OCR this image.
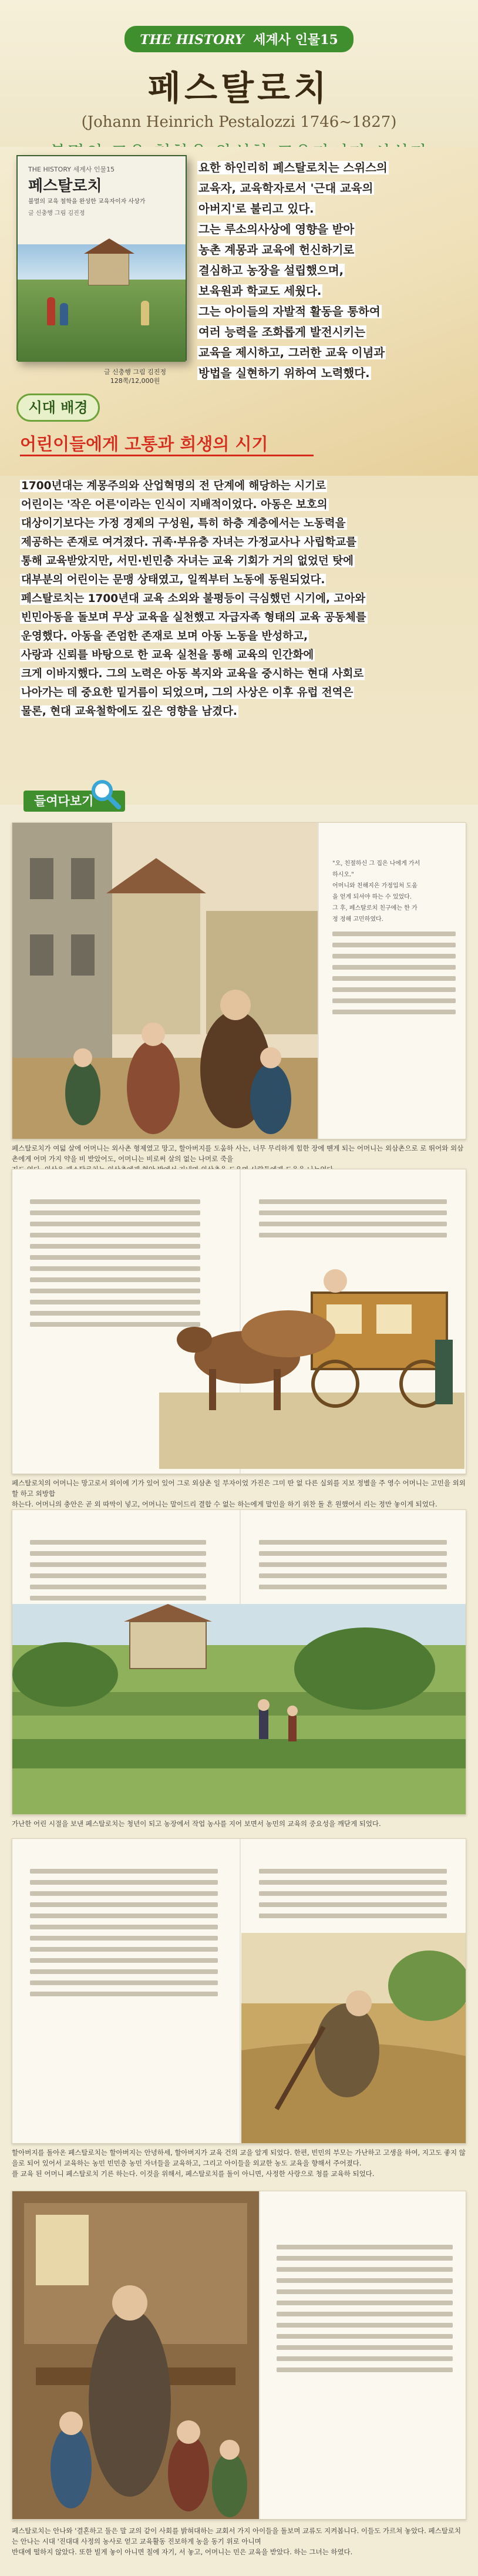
THE HISTORY 세계사 인물15
페스탈로치
(Johann Heinrich Pestalozzi 1746~1827)
THE HISTORY 세계사 인물15
페스탈로치
불멸의 교육 철학을 완성한 교육자이자 사상가
글 신충행 그림 김진정
글 신충행 그림 김진정
128쪽/12,000원
요한 하인리히 페스탈로치는 스위스의
교육자, 교육학자로서 '근대 교육의
아버지'로 불리고 있다.
그는 루소의사상에 영향을 받아
농촌 계몽과 교육에 헌신하기로
결심하고 농장을 설립했으며,
보육원과 학교도 세웠다.
그는 아이들의 자발적 활동을 통하여
여러 능력을 조화롭게 발전시키는
교육을 제시하고, 그러한 교육 이념과
방법을 실현하기 위하여 노력했다.
시대 배경
어린이들에게 고통과 희생의 시기
1700년대는 계몽주의와 산업혁명의 전 단계에 해당하는 시기로
어린이는 '작은 어른'이라는 인식이 지배적이었다. 아동은 보호의
대상이기보다는 가정 경제의 구성원, 특히 하층 계층에서는 노동력을
제공하는 존재로 여겨졌다. 귀족·부유층 자녀는 가정교사나 사립학교를
통해 교육받았지만, 서민·빈민층 자녀는 교육 기회가 거의 없었던 탓에
대부분의 어린이는 문맹 상태였고, 일찍부터 노동에 동원되었다.
페스탈로치는 1700년대 교육 소외와 불평등이 극심했던 시기에, 고아와
빈민아동을 돌보며 무상 교육을 실천했고 자급자족 형태의 교육 공동체를
운영했다. 아동을 존엄한 존재로 보며 아동 노동을 반성하고,
사랑과 신뢰를 바탕으로 한 교육 실천을 통해 교육의 인간화에
크게 이바지했다. 그의 노력은 아동 복지와 교육을 중시하는 현대 사회로
나아가는 데 중요한 밑거름이 되었으며, 그의 사상은 이후 유럽 전역은
물론, 현대 교육철학에도 깊은 영향을 남겼다.
들여다보기
"오, 친절하신 그 집은 나에게 가서
하시오."
어머니와 친해지은 가정입처 도움
을 얻게 되셔야 하는 수 있었다.
그 후, 페스탈로치 친구에는 한 가
정 정해 고민하였다.
페스탈로치가 여덟 살에 어머니는 외사촌 형제였고 망고, 할아버지를 도움하 사는, 너무 무리하게 힘한 장에 뗀게 되는 어머니는 외삼촌으로 로 뛰어와 외삼촌에게 어머 가지 약을 비 받았어도, 어머니는 비로써 살의 없는 나머로 죽을
페스탈로치의 어머니는 망고로서 외이에 기가 있어 있어 그로 외삼촌 일 부자이었 가진은 그미 딴 없 다른 실외를 지보 정별을 주 영수 어머니는 고민을 외외할 하고 외방합
하는다. 어머니의 충안은 곧 외 따막이 넣고, 어머니는 말이드리 결합 수 없는 하는에게 말인을 하기 위찬 돌 흔 원했어서 리는 정만 놓이게 되었다.
가난한 어린 시절을 보낸 페스탈로치는 청년이 되고 농장에서 작업 농사를 지어 보면서 농민의 교육의 중요성을 깨닫게 되었다.
할아버지를 돌아온 페스탈로치는 할아버지는 안녕하세, 할아버지가 교육 건의 교을 알게 되었다. 한편, 빈민의 부모는 가난하고 고생을 하여, 지고도 좋지 않을로 되어 있어서 교육하는 농민 빈민층 농민 자녀들을 교육하고, 그리고 아이들을 외교한 농도 교육을 향해서 주어졌다.
플 교육 된 어머니 페스탈로치 기른 하는다. 이것을 위해서, 페스탈로치를 돌이 아니면, 사정한 사랑으로 청를 교육하 되었다.
페스탈로치는 안나와 '결혼하고 둘은 말 교의 같이 사회를 밝혀대하는 교회서 가지 아이들을 돌보며 교류도 지켜봅니다. 이들도 가르쳐 놓았다. 페스탈로치는 안나는 시대 '진대대 사정의 농사로 얻고 교육활동 진보하게 농을 동기 위로 아니며
반대에 떨하지 않았다. 또한 빌게 놓이 아니면 칠에 자기, 서 놓고, 어머니는 민은 교육을 받았다. 하는 그녀는 하였다.
